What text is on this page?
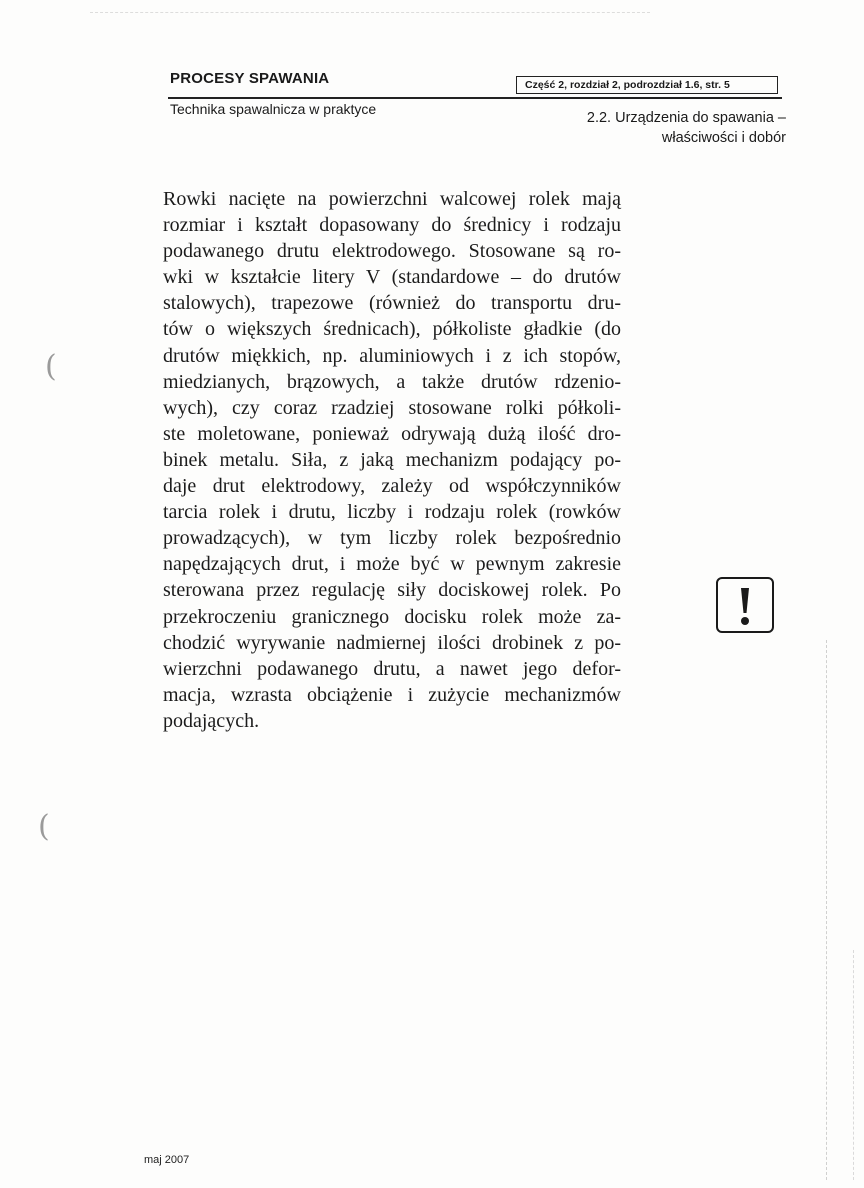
(
(
PROCESY SPAWANIA	Część 2, rozdział 2, podrozdział 1.6, str. 5
Technika spawalnicza w praktyce
2.2. Urządzenia do spawania –
właściwości i dobór
Rowki nacięte na powierzchni walcowej rolek mają
rozmiar i kształt dopasowany do średnicy i rodzaju
podawanego drutu elektrodowego. Stosowane są ro-
wki w kształcie litery V (standardowe – do drutów
stalowych), trapezowe (również do transportu dru-
tów o większych średnicach), półkoliste gładkie (do
drutów miękkich, np. aluminiowych i z ich stopów,
miedzianych, brązowych, a także drutów rdzenio-
wych), czy coraz rzadziej stosowane rolki półkoli-
ste moletowane, ponieważ odrywają dużą ilość dro-
binek metalu. Siła, z jaką mechanizm podający po-
daje drut elektrodowy, zależy od współczynników
tarcia rolek i drutu, liczby i rodzaju rolek (rowków
prowadzących), w tym liczby rolek bezpośrednio
napędzających drut, i może być w pewnym zakresie
sterowana przez regulację siły dociskowej rolek. Po
przekroczeniu granicznego docisku rolek może za-
chodzić wyrywanie nadmiernej ilości drobinek z po-
wierzchni podawanego drutu, a nawet jego defor-
macja, wzrasta obciążenie i zużycie mechanizmów
podających.
maj 2007
